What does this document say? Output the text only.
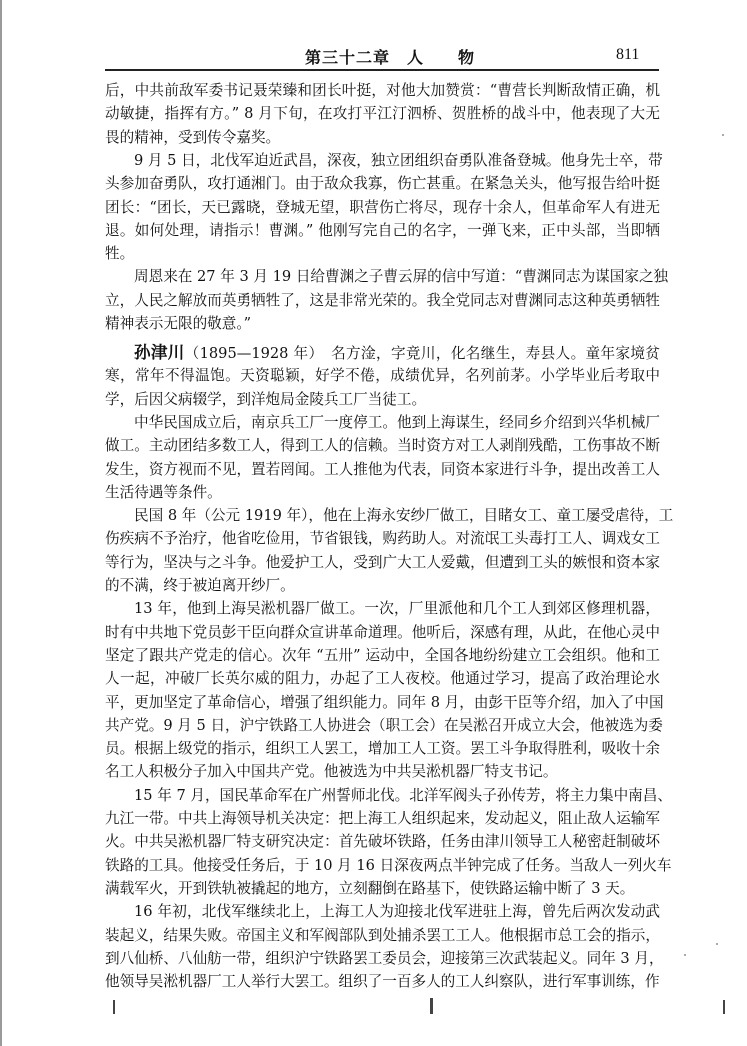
第三十二章　人　　物	811
后，中共前敌军委书记聂荣臻和团长叶挺，对他大加赞赏：“曹营长判断敌情正确，机
动敏捷，指挥有方。” 8 月下旬，在攻打平江汀泗桥、贺胜桥的战斗中，他表现了大无
畏的精神，受到传令嘉奖。
9 月 5 日，北伐军迫近武昌，深夜，独立团组织奋勇队准备登城。他身先士卒，带
头参加奋勇队，攻打通湘门。由于敌众我寡，伤亡甚重。在紧急关头，他写报告给叶挺
团长：“团长，天已露晓，登城无望，职营伤亡将尽，现存十余人，但革命军人有进无
退。如何处理，请指示！曹渊。” 他刚写完自己的名字，一弹飞来，正中头部，当即牺
牲。
周恩来在 27 年 3 月 19 日给曹渊之子曹云屏的信中写道：“曹渊同志为谋国家之独
立，人民之解放而英勇牺牲了，这是非常光荣的。我全党同志对曹渊同志这种英勇牺牲
精神表示无限的敬意。”
孙津川（1895—1928 年）　名方淦，字竟川，化名继生，寿县人。童年家境贫
寒，常年不得温饱。天资聪颖，好学不倦，成绩优异，名列前茅。小学毕业后考取中
学，后因父病辍学，到洋炮局金陵兵工厂当徒工。
中华民国成立后，南京兵工厂一度停工。他到上海谋生，经同乡介绍到兴华机械厂
做工。主动团结多数工人，得到工人的信赖。当时资方对工人剥削残酷，工伤事故不断
发生，资方视而不见，置若罔闻。工人推他为代表，同资本家进行斗争，提出改善工人
生活待遇等条件。
民国 8 年（公元 1919 年），他在上海永安纱厂做工，目睹女工、童工屡受虐待，工
伤疾病不予治疗，他省吃俭用，节省银钱，购药助人。对流氓工头毒打工人、调戏女工
等行为，坚决与之斗争。他爱护工人，受到广大工人爱戴，但遭到工头的嫉恨和资本家
的不满，终于被迫离开纱厂。
13 年，他到上海吴淞机器厂做工。一次，厂里派他和几个工人到郊区修理机器，
时有中共地下党员彭干臣向群众宣讲革命道理。他听后，深感有理，从此，在他心灵中
坚定了跟共产党走的信心。次年 “五卅” 运动中，全国各地纷纷建立工会组织。他和工
人一起，冲破厂长英尔威的阻力，办起了工人夜校。他通过学习，提高了政治理论水
平，更加坚定了革命信心，增强了组织能力。同年 8 月，由彭干臣等介绍，加入了中国
共产党。9 月 5 日，沪宁铁路工人协进会（职工会）在吴淞召开成立大会，他被选为委
员。根据上级党的指示，组织工人罢工，增加工人工资。罢工斗争取得胜利，吸收十余
名工人积极分子加入中国共产党。他被选为中共吴淞机器厂特支书记。
15 年 7 月，国民革命军在广州誓师北伐。北洋军阀头子孙传芳，将主力集中南昌、
九江一带。中共上海领导机关决定：把上海工人组织起来，发动起义，阻止敌人运输军
火。中共吴淞机器厂特支研究决定：首先破坏铁路，任务由津川领导工人秘密赶制破坏
铁路的工具。他接受任务后，于 10 月 16 日深夜两点半钟完成了任务。当敌人一列火车
满载军火，开到铁轨被撬起的地方，立刻翻倒在路基下，使铁路运输中断了 3 天。
16 年初，北伐军继续北上，上海工人为迎接北伐军进驻上海，曾先后两次发动武
装起义，结果失败。帝国主义和军阀部队到处捕杀罢工工人。他根据市总工会的指示，
到八仙桥、八仙舫一带，组织沪宁铁路罢工委员会，迎接第三次武装起义。同年 3 月，
他领导吴淞机器厂工人举行大罢工。组织了一百多人的工人纠察队，进行军事训练，作
